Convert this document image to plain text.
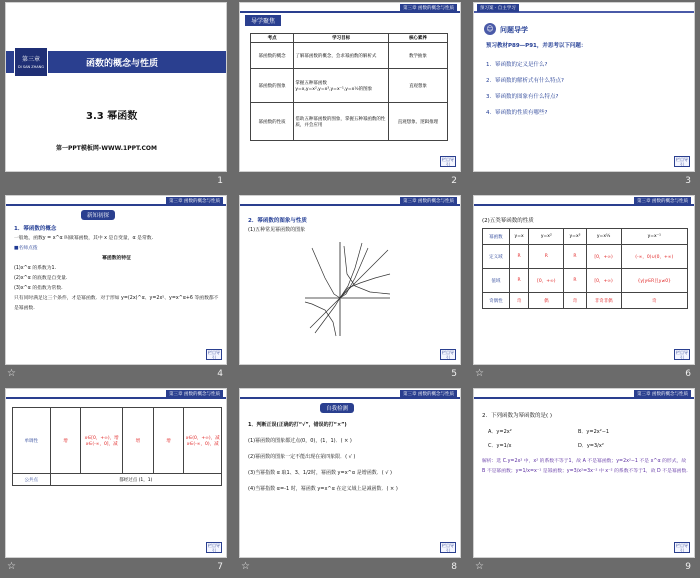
第三章
DI SAN ZHANG	函数的概念与性质
3.3 幂函数
第一PPT模板网-WWW.1PPT.COM
1
第三章 函数的概念与性质
导学聚焦
考点	学习目标	核心素养
幂函数的概念	了解幂函数的概念，会求幂函数的解析式	数学抽象
幂函数的图象	掌握五种幂函数y=x,y=x²,y=x³,y=x⁻¹,y=x½的图象	直观想象
幂函数的性质	借助五种幂函数的图象，掌握五种幂函数的性质，并会应用	直观想象、逻辑推理
栏目导引
2
预习案 · 自主学习
☺ 问题导学
预习教材P89—P91，并思考以下问题：
1．幂函数的定义是什么?
2．幂函数的解析式有什么特点?
3．幂函数的图象有什么特点?
4．幂函数的性质有哪些?
栏目导引
3
第三章 函数的概念与性质
新知初探
1．幂函数的概念
一般地，函数y = x^α 叫做幂函数，其中 x 是自变量，α 是常数.
■名师点拨
幂函数的特征
(1)x^α 的系数为1.
(2)x^α 的底数是自变量.
(3)x^α 的指数为常数.
只有同时满足这三个条件，才是幂函数．对于形如 y=(2x)^α、y=2x⁵、y=x^α+6 等函数都不是幂函数.
栏目导引
☆	4
第三章 函数的概念与性质
2．幂函数的图象与性质
(1)五种常见幂函数的图象
栏目导引
5
第三章 函数的概念与性质
(2)五类幂函数的性质
幂函数	y=x	y=x²	y=x³	y=x½	y=x⁻¹
定义域	R	R	R	[0，+∞)	(-∞，0)∪(0，+∞)
值域	R	[0，+∞)	R	[0，+∞)	{y|y∈R且y≠0}
奇偶性	奇	偶	奇	非奇非偶	奇
栏目导引
☆	6
第三章 函数的概念与性质
单调性	增	x∈[0，+∞)，增 x∈(-∞，0]，减	增	增	x∈(0，+∞)，减 x∈(-∞，0)，减
公共点	都经过点 (1，1)				
栏目导引
☆	7
第三章 函数的概念与性质
自我检测
1．判断正误(正确的打“√”，错误的打“×”)
(1)幂函数的图象都过点(0，0)，(1，1)．( × )
(2)幂函数的图象一定不能出现在第四象限．( √ )
(3)当幂指数 α 取1、3、1/2时，幂函数 y=x^α 是增函数．( √ )
(4)当幂指数 α=-1 时，幂函数 y=x^α 在定义域上是减函数．( × )
栏目导引
☆	8
第三章 函数的概念与性质
2．下列函数为幂函数的是( )
A．y=2x²	B．y=2x²−1
C．y=1/x	D．y=3/x²
解析：选 C.y=2x² 中，x² 的系数不等于1，故 A 不是幂函数；y=2x²−1 不是 x^α 的形式，故 B 不是幂函数；y=1/x=x⁻¹ 是幂函数；y=3/x²=3x⁻² 中 x⁻² 的系数不等于1，故 D 不是幂函数.
栏目导引
☆	9
